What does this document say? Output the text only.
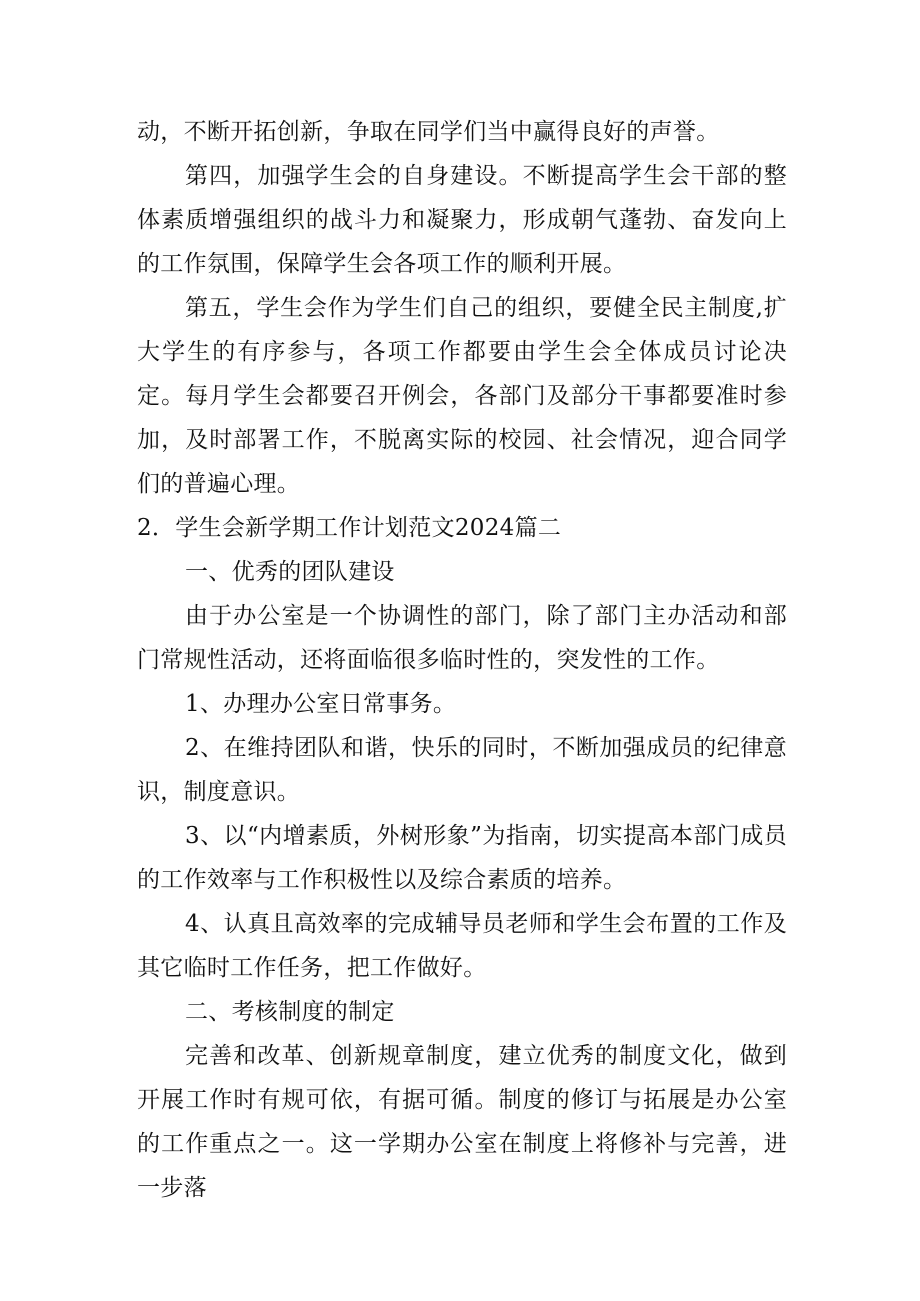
动，不断开拓创新，争取在同学们当中赢得良好的声誉。

第四，加强学生会的自身建设。不断提高学生会干部的整体素质增强组织的战斗力和凝聚力，形成朝气蓬勃、奋发向上的工作氛围，保障学生会各项工作的顺利开展。

第五，学生会作为学生们自己的组织，要健全民主制度,扩大学生的有序参与，各项工作都要由学生会全体成员讨论决定。每月学生会都要召开例会，各部门及部分干事都要准时参加，及时部署工作，不脱离实际的校园、社会情况，迎合同学们的普遍心理。

2．学生会新学期工作计划范文2024篇二

一、优秀的团队建设

由于办公室是一个协调性的部门，除了部门主办活动和部门常规性活动，还将面临很多临时性的，突发性的工作。

1、办理办公室日常事务。

2、在维持团队和谐，快乐的同时，不断加强成员的纪律意识，制度意识。

3、以“内增素质，外树形象”为指南，切实提高本部门成员的工作效率与工作积极性以及综合素质的培养。

4、认真且高效率的完成辅导员老师和学生会布置的工作及其它临时工作任务，把工作做好。

二、考核制度的制定

完善和改革、创新规章制度，建立优秀的制度文化，做到开展工作时有规可依，有据可循。制度的修订与拓展是办公室的工作重点之一。这一学期办公室在制度上将修补与完善，进一步落
